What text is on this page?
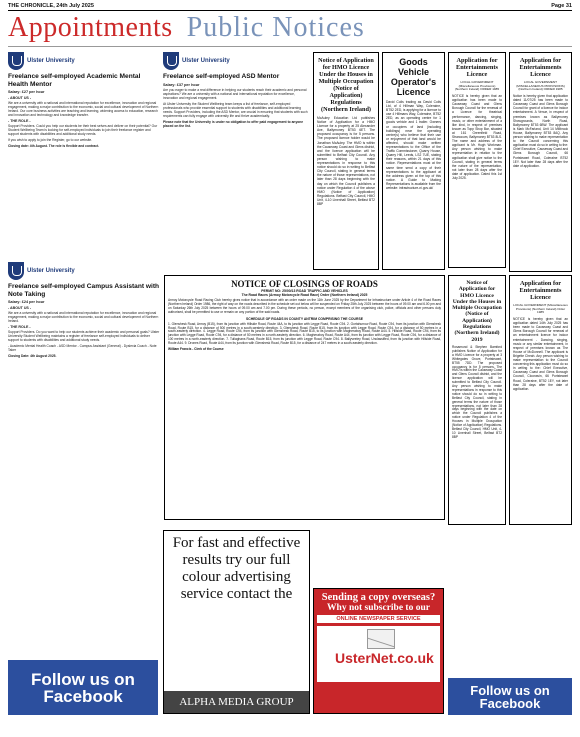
THE CHRONICLE, 24th July 2025	Page 31
Appointments Public Notices
Ulster University
Freelance self-employed Academic Mental Health Mentor
Salary: £27 per hour
- ABOUT US -

We are a university with a national and international reputation for excellence, innovation and regional engagement, making a major contribution to the economic, social and cultural development of Northern Ireland. Our core business activities are teaching and learning, widening access to education, research and innovation and technology and knowledge transfer.

- THE ROLE -

Support Providers. Could you help our students be their best selves and deliver on their potential? Our Student Wellbeing Team is looking for self-employed individuals to join their freelance register and support students with disabilities and additional study needs.

If you wish to apply to join the Register, go to our website.

Closing date: 4th August. The role is flexible and contract.

Ulster University
Freelance self-employed Campus Assistant with Note Taking
Salary: £24 per hour
- ABOUT US -

We are a university with a national and international reputation for excellence, innovation and regional engagement, making a major contribution to the economic, social and cultural development of Northern Ireland.

- THE ROLE -

Support Providers. Do you want to help our students achieve their academic and personal goals? Ulster University Student Wellbeing maintains a register of freelance self-employed individuals to deliver support to students with disabilities and additional study needs.

- Academic Mental Health Coach - ASD Mentor - Campus Assistant (General) - Dyslexia Coach - Note Taker

Closing Date: 4th August 2025.

Follow us on Facebook
Ulster University
Freelance self-employed ASD Mentor
Salary: £37 per hour

Are you eager to make a real difference in helping our students reach their academic and personal aspirations? We are a university with a national and international reputation for excellence, innovation and regional engagement.

At Ulster University the Student Wellbeing team keeps a list of freelance, self-employed professionals who provide essential support to students with disabilities and additional learning needs. Support Providers, including the ASD Mentor, are crucial in ensuring that students with such requirements can fully engage with university life and thrive academically.

Please note that the University is under no obligation to offer paid engagement to anyone placed on the list.

Notice of Application for HMO Licence Under the Houses in Multiple Occupation (Notice of Application) Regulations (Northern Ireland)
McAuley Education Ltd publishes Notice of Application for a HMO Licence for a property at 25 Alexander Ave, Ballymoney BT53 6ET. The proposed occupancy is for 5 persons. The proposed licence holder would be Jonathan McAuley. The HMO is within the Causeway Coast and Glens district, and the licence application will be submitted to Belfast City Council. Any person wishing to make representations in response to this notice should do so in writing to Belfast City Council, stating in general terms the nature of those representations, not later than 28 days beginning with the day on which the Council publishes a notice under Regulation 4 of the above HMO (Notice of Application) Regulations. Belfast City Council, HMO Unit, 4-10 Linenhall Street, Belfast BT2 8BP
Goods Vehicle Operator's Licence
David Coils trading as David Coils Ltd, of 4 Hillman Way, Coleraine, BT52 2ED, is applying for a licence to use 4 Hillmans Way, Coleraine, BT52 2ED, as an operating centre for 1 goods vehicle and 1 trailer. Owners or occupiers of land (including buildings) near the operating centre(s) who believe that their use or enjoyment of that land would be affected, should make written representations to the Office of the Traffic Commissioner, Quarry House, Quarry Hill, Leeds, LS2 7UE, stating their reasons, within 21 days of this notice. Representations must at the same time send a copy of their representations to the applicant at the address given at the top of this notice. A Guide to Making Representations is available from the website: infrastructure-ni.gov.uk/
Application for Entertainments Licence
LOCAL GOVERNMENT (Miscellaneous Provisions) (Northern Ireland) ORDER 1985
NOTICE is hereby given that an application has been made to Causeway Coast and Glens Borough Council for the renewal of a Licence for theatrical performance, dancing, singing, music, or other entertainment of a like kind, in respect of premises known as Topp Shop Bar, situated at 161 Greenfield Road, Stranocum, Ballymoney BT53 8LS. The name and address of the applicant is Mr. Hugh Workman. Any person wishing to make representation in relation to the application shall give notice to the Council, stating in general terms the nature of the representation, not later than 28 days after the date of application. Dated this 1st July 2025.
Application for Entertainments Licence
LOCAL GOVERNMENT (MISCELLANEOUS PROVISIONS) (Northern Ireland) ORDER 1985
Notice is hereby given that application dated 11/07/25 has been made to Causeway Coast and Glens Borough Council for grant of a licence for indoor entertainment. A Venue, in respect of premises known as Ballymoney Showgrounds, North Road, Ballymoney BT53 6BW. The applicant is Mark McFarland, Unit 14 Millbrook House, Ballymoney BT53 8AQ. Any person wishing to make representation to the Council concerning this application must do so in writing to the: Chief Executive, Causeway Coast and Glens Borough Council, 66 Portstewart Road, Coleraine BT52 1EY. Not later than 28 days after the date of application.
Notice of Application for HMO Licence Under the Houses in Multiple Occupation (Notice of Application) Regulations (Northern Ireland) 2019
Rosamund & Stephen Bamford publishes Notice of Application for a HMO Licence for a property at 3 Whitegates Grove, Portstewart, BT55 7DD. The proposed occupancy is for 5 persons. The HMO is within the Causeway Coast and Glens Council district, and the licence application will be submitted to Belfast City Council. Any person wishing to make representations in response to this notice should do so in writing to Belfast City Council, stating in general terms the nature of those representations, not later than 28 days beginning with the date on which the Council publishes a notice under Regulation 4 of the Houses in Multiple Occupation (Notice of Application) Regulations. Belfast City Council, HMO Unit, 4-10 Linenhall Street, Belfast BT2 8BP
Application for Entertainments Licence
LOCAL GOVERNMENT (Miscellaneous Provisions) (Northern Ireland) Order 1985
NOTICE is hereby given that an application dated 14th July 2025 has been made to Causeway Coast and Glens Borough Council for renewal of an entertainment licence for indoor entertainment - Dancing, singing, music or any similar entertainment, in respect of premises known as The House of McDonnell. The applicant is Brigette Cheah. Any person wishing to make representation to the Council concerning this application must do so in writing to the: Chief Executive, Causeway Coast and Glens Borough Council, Cloonavin, 66 Portstewart Road, Coleraine, BT52 1EY, not later than 28 days after the date of application.
NOTICE OF CLOSINGS OF ROADS
PERMIT NO: 25/00/13 ROAD TRAFFIC AND VEHICLES
The Road Races (Armoy Motorcycle Road Race) Order (Northern Ireland) 2025

Armoy Motorcycle Road Racing Club hereby gives notice that in accordance with an order made on the 11th June 2025 by the Department for Infrastructure under Article 4 of the Road Races (Northern Ireland) Order 1986, the right of way on the roads described in the schedule set out below will be suspended on Friday 25th July 2025 between the hours of 09.00 am and 6.00 pm and on Saturday 26th July 2025 between the hours of 09.00 am and 7.00 pm. During these periods, no person, except members of the organising club, police, officials and other persons duly authorised, shall be permitted to use or remain on any portion of the said roads.

SCHEDULE OF ROADS IN COUNTY ANTRIM COMPRISING THE COURSE

1. Glenshesk Road, Armoy (B15), from its junction with Hillside Road, Route 44A, to its junction with Legge Road, Route C94. 2. Gortahurrow Road, Route C94, from its junction with Glenshesk Road, Route B15, for a distance of 500 metres in a south-westerly direction. 3. Glenshesk Road, Route B15, from its junction with Legge Road, Route C94, for a distance of 50 metres in a south-easterly direction. 4. Legge Road, Route C94, from its junction with Glenshesk Road, Route B15, to its junction with Magheraboy Road, Route A44. 5. Hillside Road, Route C94, from its junction with Legge Road, Route C94, for a distance of 50 metres in a north-easterly direction. 6. Magheraboy Road, Route A44, from its junction with Legge Road, Route C94, for a distance of 100 metres in a north-easterly direction. 7. Tullaghans Road, Route B15, from its junction with Legge Road, Route C94. 8. Ballyveeley Road, Unclassified, from its junction with Hillside Road, Route A44. 9. Drones Road, Route A44, from its junction with Glenshesk Road, Route B15, for a distance of 247 metres in a south-easterly direction.

William Francis - Clerk of the Course

For fast and effective results try our full colour advertising service contact the
ALPHA MEDIA GROUP
Sending a copy overseas?
Why not subscribe to our
ONLINE NEWSPAPER SERVICE
UsterNet.co.uk
Follow us on Facebook
